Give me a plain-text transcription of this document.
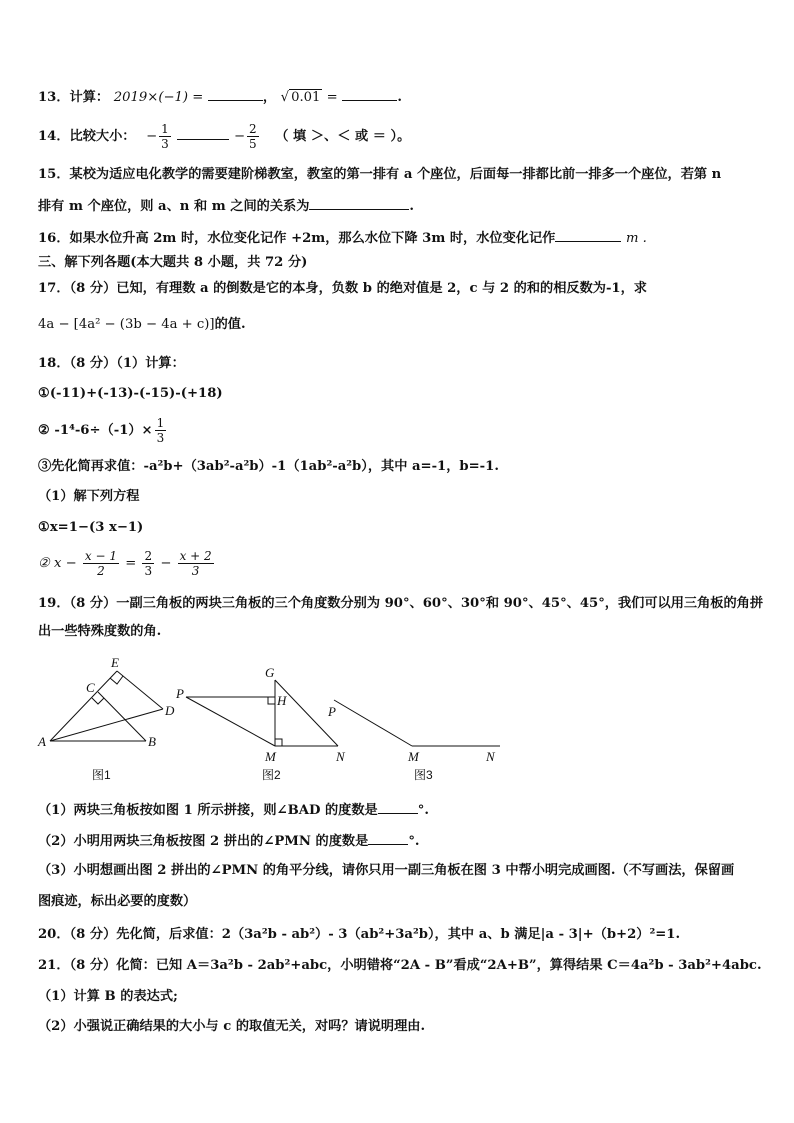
13．计算： 2019×(−1) =	， √ 0.01 =	.
14．比较大小： − $\frac{1}{3}$	− $\frac{2}{5}$ （ 填 ＞、＜ 或 ＝ ）。
15．某校为适应电化教学的需要建阶梯教室，教室的第一排有 a 个座位，后面每一排都比前一排多一个座位，若第 n
排有 m 个座位，则 a、n 和 m 之间的关系为	.
16．如果水位升高 2m 时，水位变化记作 +2m，那么水位下降 3m 时，水位变化记作	m .
三、解下列各题(本大题共 8 小题，共 72 分)
17．（8 分）已知，有理数 a 的倒数是它的本身，负数 b 的绝对值是 2，c 与 2 的和的相反数为-1，求
4a − [4a² − (3b − 4a + c)]的值.
18．（8 分）（1）计算：
①(-11)+(-13)-(-15)-(+18)
② $-1^4-6\div(-1)\times \frac{1}{3}$
③先化简再求值：-a²b+（3ab²-a²b）-1（1ab²-a²b），其中 a=-1，b=-1.
（1）解下列方程
①x=1−(3 x−1)
② $x - \frac{x - 1}{2} = \frac{2}{3} - \frac{x + 2}{3}$
19．（8 分）一副三角板的两块三角板的三个角度数分别为 90°、60°、30°和 90°、45°、45°，我们可以用三角板的角拼
出一些特殊度数的角.
E
C
D
A	B
G
P	H
M	N
P
M	N
图1	图2	图3
（1）两块三角板按如图 1 所示拼接，则∠BAD 的度数是	°.
（2）小明用两块三角板按图 2 拼出的∠PMN 的度数是	°.
（3）小明想画出图 2 拼出的∠PMN 的角平分线，请你只用一副三角板在图 3 中帮小明完成画图.（不写画法，保留画
图痕迹，标出必要的度数）
20．（8 分）先化简，后求值：2（3a²b - ab²）- 3（ab²+3a²b），其中 a、b 满足|a - 3|+（b+2）²=1.
21．（8 分）化简：已知 A＝3a²b - 2ab²+abc，小明错将“2A - B”看成“2A+B”，算得结果 C＝4a²b - 3ab²+4abc.
（1）计算 B 的表达式;
（2）小强说正确结果的大小与 c 的取值无关，对吗？请说明理由.
